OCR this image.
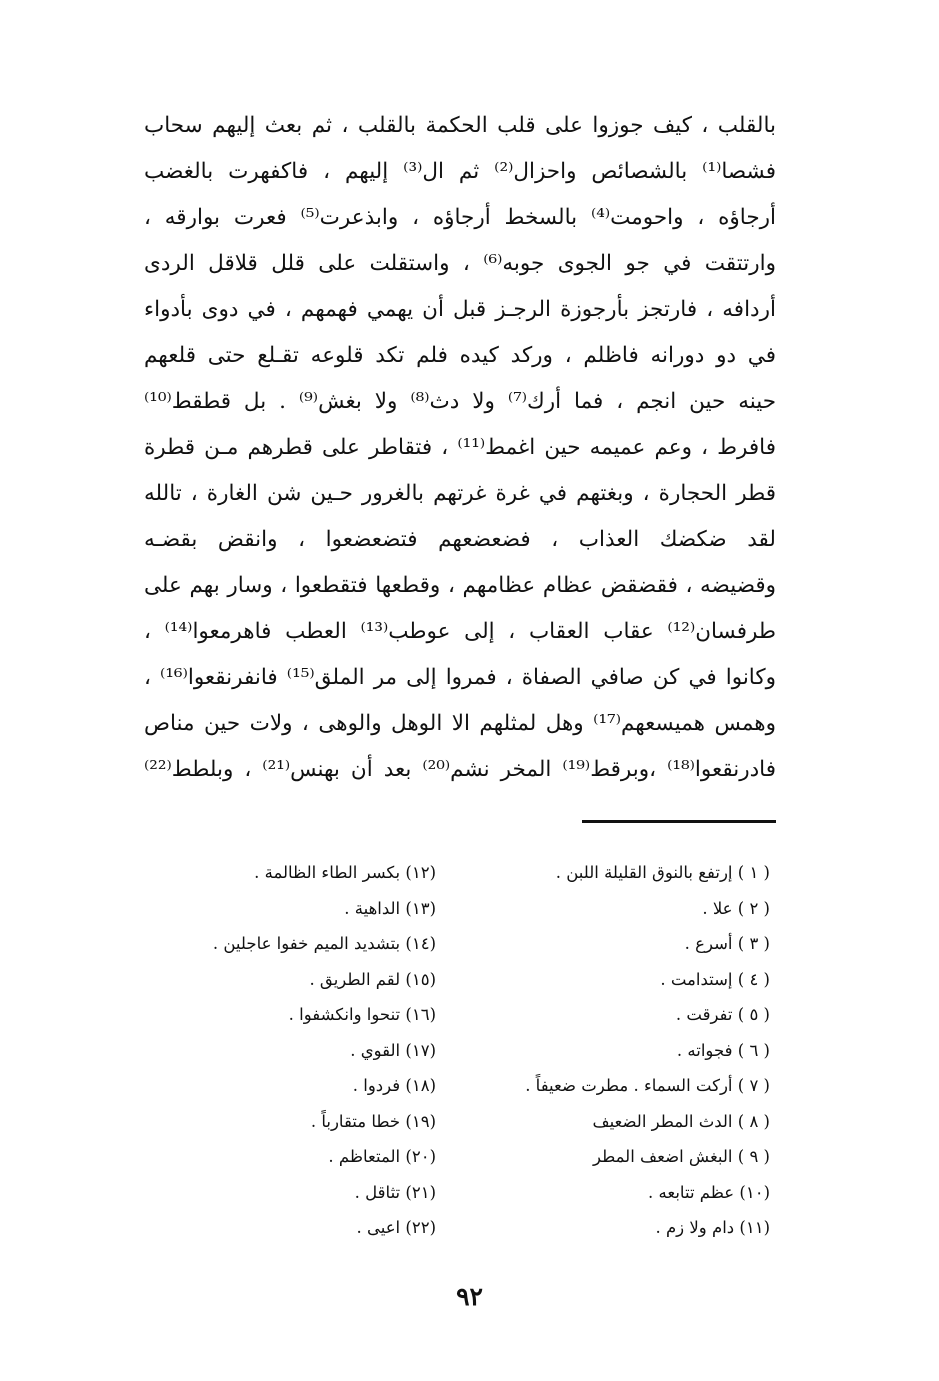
بالقلب ، كيف جوزوا على قلب الحكمة بالقلب ، ثم بعث إليهم سحاب
فشصا⁽¹⁾ بالشصائص واحزال⁽²⁾ ثم ال⁽³⁾ إليهم ، فاكفهرت بالغضب
أرجاؤه ، واحومت⁽⁴⁾ بالسخط أرجاؤه ، وابذعرت⁽⁵⁾ فعرت بوارقه ،
وارتتقت في جو الجوى جوبه⁽⁶⁾ ، واستقلت على قلل قلاقل الردى
أردافه ، فارتجز بأرجوزة الرجـز قبل أن يهمي فهمهم ، في دوى بأدواء
في دو دورانه فاظلم ، وركد كيده فلم تكد قلوعه تقـلع حتى قلعهم
حينه حين انجم ، فما أرك⁽⁷⁾ ولا دث⁽⁸⁾ ولا بغش⁽⁹⁾ . بل قطقط⁽¹⁰⁾
فافرط ، وعم عميمه حين اغمط⁽¹¹⁾ ، فتقاطر على قطرهم مـن قطرة
قطر الحجارة ، وبغتهم في غرة غرتهم بالغرور حـين شن الغارة ، تالله
لقد ضكضك العذاب ، فضعضعهم فتضعضعوا ، وانقض بقضـه
وقضيضه ، فقضقض عظام عظامهم ، وقطعها فتقطعوا ، وسار بهم على
طرفسان⁽¹²⁾ عقاب العقاب ، إلى عوطب⁽¹³⁾ العطب فاهرمعوا⁽¹⁴⁾ ،
وكانوا في كن صافي الصفاة ، فمروا إلى مر الملق⁽¹⁵⁾ فانفرنقعوا⁽¹⁶⁾ ،
وهمس هميسعهم⁽¹⁷⁾ وهل لمثلهم الا الوهل والوهى ، ولات حين مناص
فادرنقعوا⁽¹⁸⁾ ،وبرقط⁽¹⁹⁾ المخر نشم⁽²⁰⁾ بعد أن بهنس⁽²¹⁾ ، وبلطط⁽²²⁾
( ١ ) إرتفع بالنوق القليلة اللبن .
( ٢ ) علا .
( ٣ ) أسرع .
( ٤ ) إستدامت .
( ٥ ) تفرقت .
( ٦ ) فجواته .
( ٧ ) أركت السماء . مطرت ضعيفاً .
( ٨ ) الدث المطر الضعيف
( ٩ ) البغش اضعف المطر
(١٠) عظم تتابعه .
(١١) دام ولا زم .
(١٢) بكسر الطاء الظالمة .
(١٣) الداهية .
(١٤) بتشديد الميم خفوا عاجلين .
(١٥) لقم الطريق .
(١٦) تنحوا وانكشفوا .
(١٧) القوي .
(١٨) فردوا .
(١٩) خطا متقارباً .
(٢٠) المتعاظم .
(٢١) تثاقل .
(٢٢) اعيى .
٩٢
